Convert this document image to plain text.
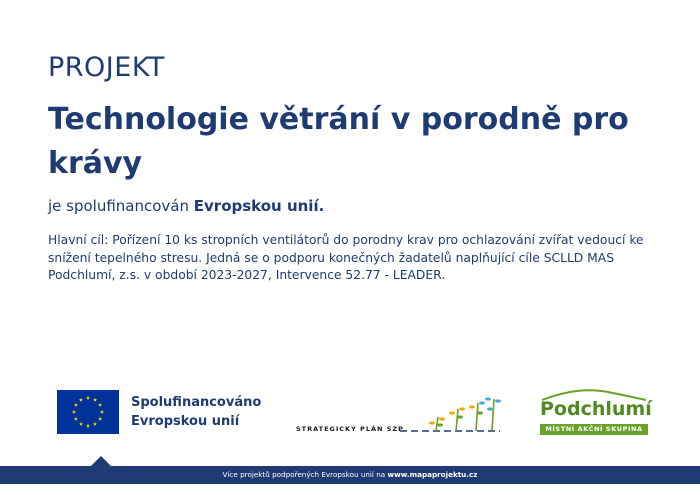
PROJEKT
Technologie větrání v porodně pro krávy
je spolufinancován Evropskou unií.
Hlavní cíl: Pořízení 10 ks stropních ventilátorů do porodny krav pro ochlazování zvířat vedoucí ke snížení tepelného stresu. Jedná se o podporu konečných žadatelů naplňující cíle SCLLD MAS Podchlumí, z.s. v období 2023-2027, Intervence 52.77 - LEADER.
Spolufinancováno
Evropskou unií	STRATEGICKÝ PLÁN SZP
Podchlumí
MÍSTNÍ AKČNÍ SKUPINA
Více projektů podpořených Evropskou unií na www.mapaprojektu.cz
